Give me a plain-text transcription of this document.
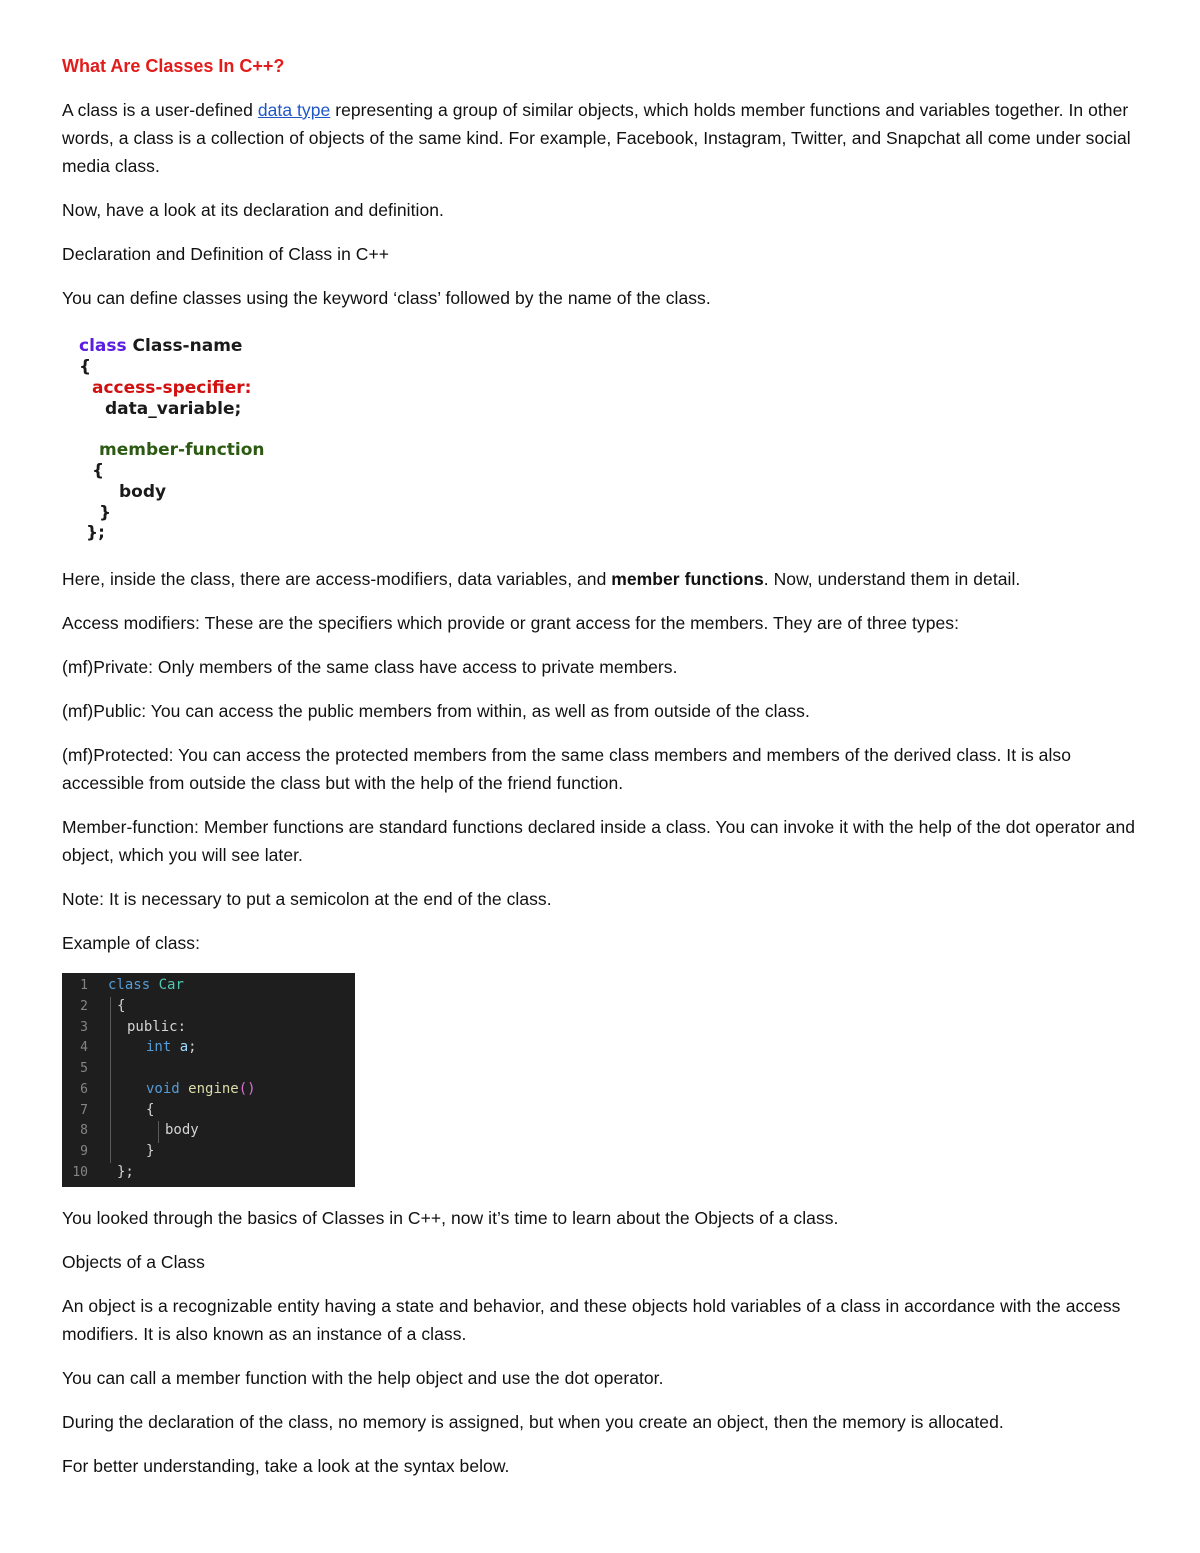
What Are Classes In C++?

A class is a user-defined data type representing a group of similar objects, which holds member functions and variables together. In other words, a class is a collection of objects of the same kind. For example, Facebook, Instagram, Twitter, and Snapchat all come under social media class.

Now, have a look at its declaration and definition.

Declaration and Definition of Class in C++

You can define classes using the keyword ‘class’ followed by the name of the class.

class Class-name
{
access-specifier:
data_variable;
member-function
{
body
}
};

Here, inside the class, there are access-modifiers, data variables, and member functions. Now, understand them in detail.

Access modifiers: These are the specifiers which provide or grant access for the members. They are of three types:

(mf)Private: Only members of the same class have access to private members.

(mf)Public: You can access the public members from within, as well as from outside of the class.

(mf)Protected: You can access the protected members from the same class members and members of the derived class. It is also accessible from outside the class but with the help of the friend function.

Member-function: Member functions are standard functions declared inside a class. You can invoke it with the help of the dot operator and object, which you will see later.

Note: It is necessary to put a semicolon at the end of the class.

Example of class:

1
2
3
4
5
6
7
8
9
10
class Car
{
public:
int a;
void engine()
{
body
}
};

You looked through the basics of Classes in C++, now it’s time to learn about the Objects of a class.

Objects of a Class

An object is a recognizable entity having a state and behavior, and these objects hold variables of a class in accordance with the access modifiers. It is also known as an instance of a class.

You can call a member function with the help object and use the dot operator.

During the declaration of the class, no memory is assigned, but when you create an object, then the memory is allocated.

For better understanding, take a look at the syntax below.
